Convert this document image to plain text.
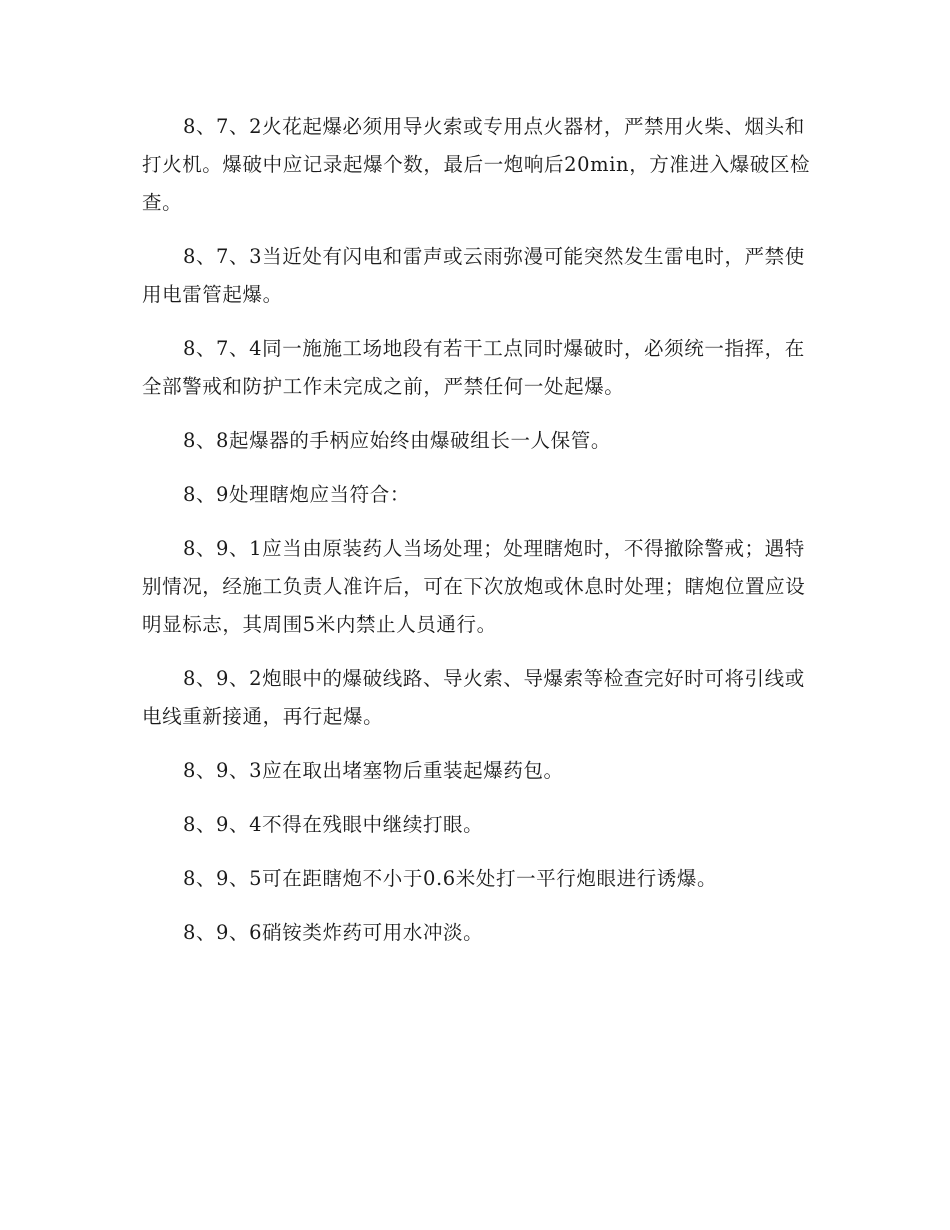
8、7、2火花起爆必须用导火索或专用点火器材，严禁用火柴、烟头和打火机。爆破中应记录起爆个数，最后一炮响后20min，方准进入爆破区检查。

8、7、3当近处有闪电和雷声或云雨弥漫可能突然发生雷电时，严禁使用电雷管起爆。

8、7、4同一施施工场地段有若干工点同时爆破时，必须统一指挥，在全部警戒和防护工作未完成之前，严禁任何一处起爆。

8、8起爆器的手柄应始终由爆破组长一人保管。

8、9处理瞎炮应当符合：

8、9、1应当由原装药人当场处理；处理瞎炮时，不得撤除警戒；遇特别情况，经施工负责人准许后，可在下次放炮或休息时处理；瞎炮位置应设明显标志，其周围5米内禁止人员通行。

8、9、2炮眼中的爆破线路、导火索、导爆索等检查完好时可将引线或电线重新接通，再行起爆。

8、9、3应在取出堵塞物后重装起爆药包。

8、9、4不得在残眼中继续打眼。

8、9、5可在距瞎炮不小于0.6米处打一平行炮眼进行诱爆。

8、9、6硝铵类炸药可用水冲淡。
